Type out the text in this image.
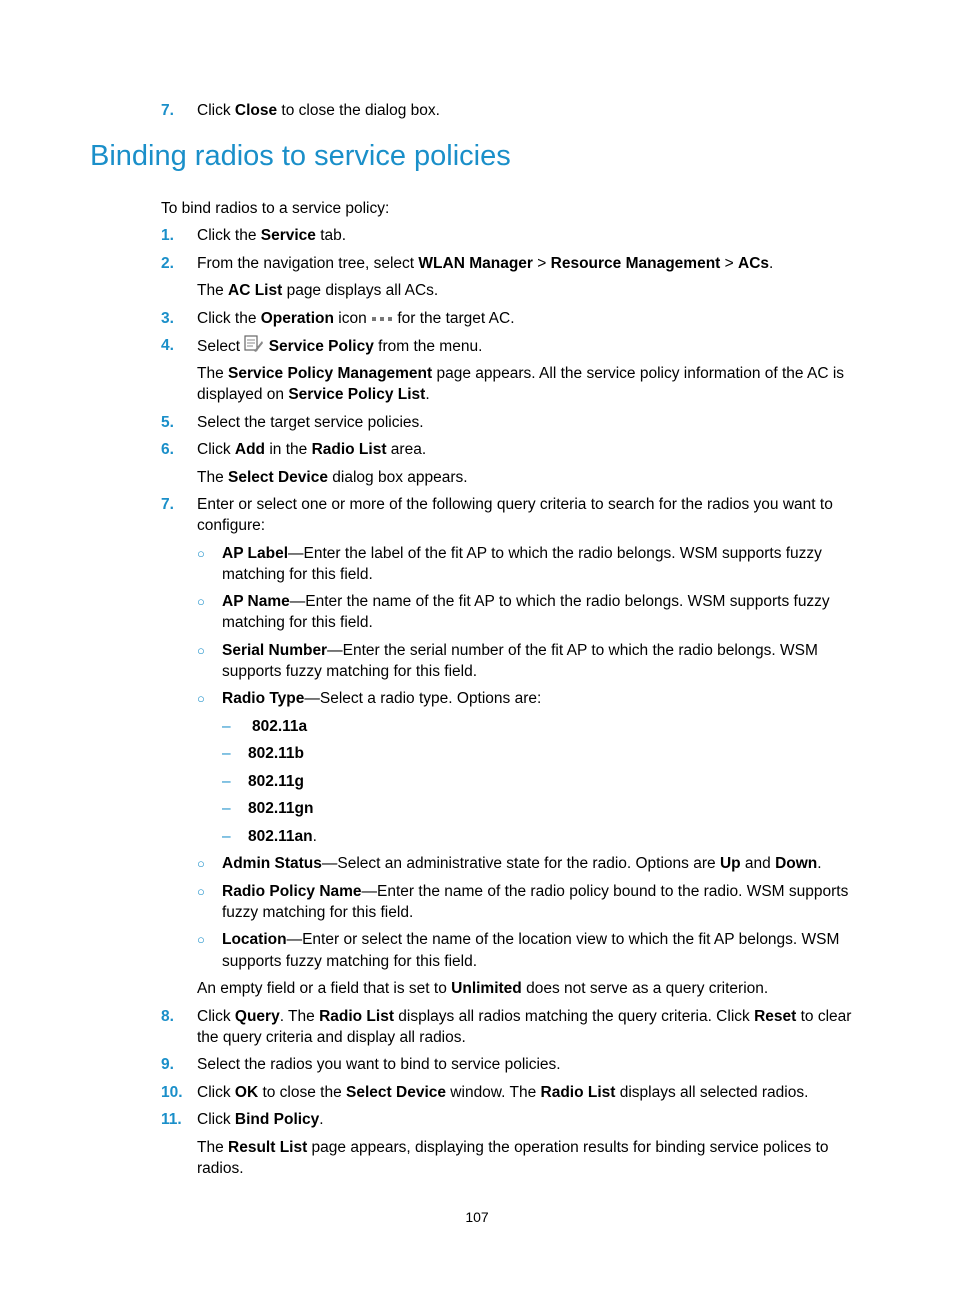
7. Click Close to close the dialog box.
Binding radios to service policies
To bind radios to a service policy:
1. Click the Service tab.
2. From the navigation tree, select WLAN Manager > Resource Management > ACs.
The AC List page displays all ACs.
3. Click the Operation icon  for the target AC.
4. Select  Service Policy from the menu.
The Service Policy Management page appears. All the service policy information of the AC is
displayed on Service Policy List.
5. Select the target service policies.
6. Click Add in the Radio List area.
The Select Device dialog box appears.
7. Enter or select one or more of the following query criteria to search for the radios you want to
configure:
○ AP Label—Enter the label of the fit AP to which the radio belongs. WSM supports fuzzy
matching for this field.
○ AP Name—Enter the name of the fit AP to which the radio belongs. WSM supports fuzzy
matching for this field.
○ Serial Number—Enter the serial number of the fit AP to which the radio belongs. WSM
supports fuzzy matching for this field.
○ Radio Type—Select a radio type. Options are:
– 802.11a
– 802.11b
– 802.11g
– 802.11gn
– 802.11an.
○ Admin Status—Select an administrative state for the radio. Options are Up and Down.
○ Radio Policy Name—Enter the name of the radio policy bound to the radio. WSM supports
fuzzy matching for this field.
○ Location—Enter or select the name of the location view to which the fit AP belongs. WSM
supports fuzzy matching for this field.
An empty field or a field that is set to Unlimited does not serve as a query criterion.
8. Click Query. The Radio List displays all radios matching the query criteria. Click Reset to clear
the query criteria and display all radios.
9. Select the radios you want to bind to service policies.
10. Click OK to close the Select Device window. The Radio List displays all selected radios.
11. Click Bind Policy.
The Result List page appears, displaying the operation results for binding service polices to
radios.
107
